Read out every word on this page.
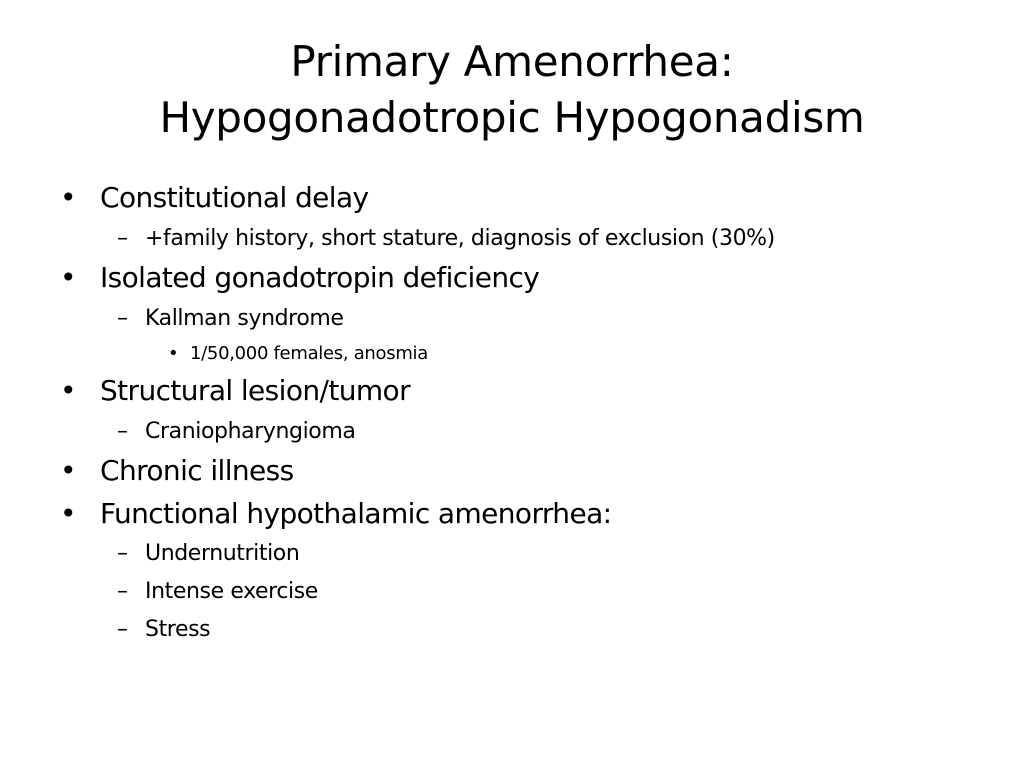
Primary Amenorrhea:
Hypogonadotropic Hypogonadism
• Constitutional delay
– +family history, short stature, diagnosis of exclusion (30%)
• Isolated gonadotropin deficiency
– Kallman syndrome
• 1/50,000 females, anosmia
• Structural lesion/tumor
– Craniopharyngioma
• Chronic illness
• Functional hypothalamic amenorrhea:
– Undernutrition
– Intense exercise
– Stress
